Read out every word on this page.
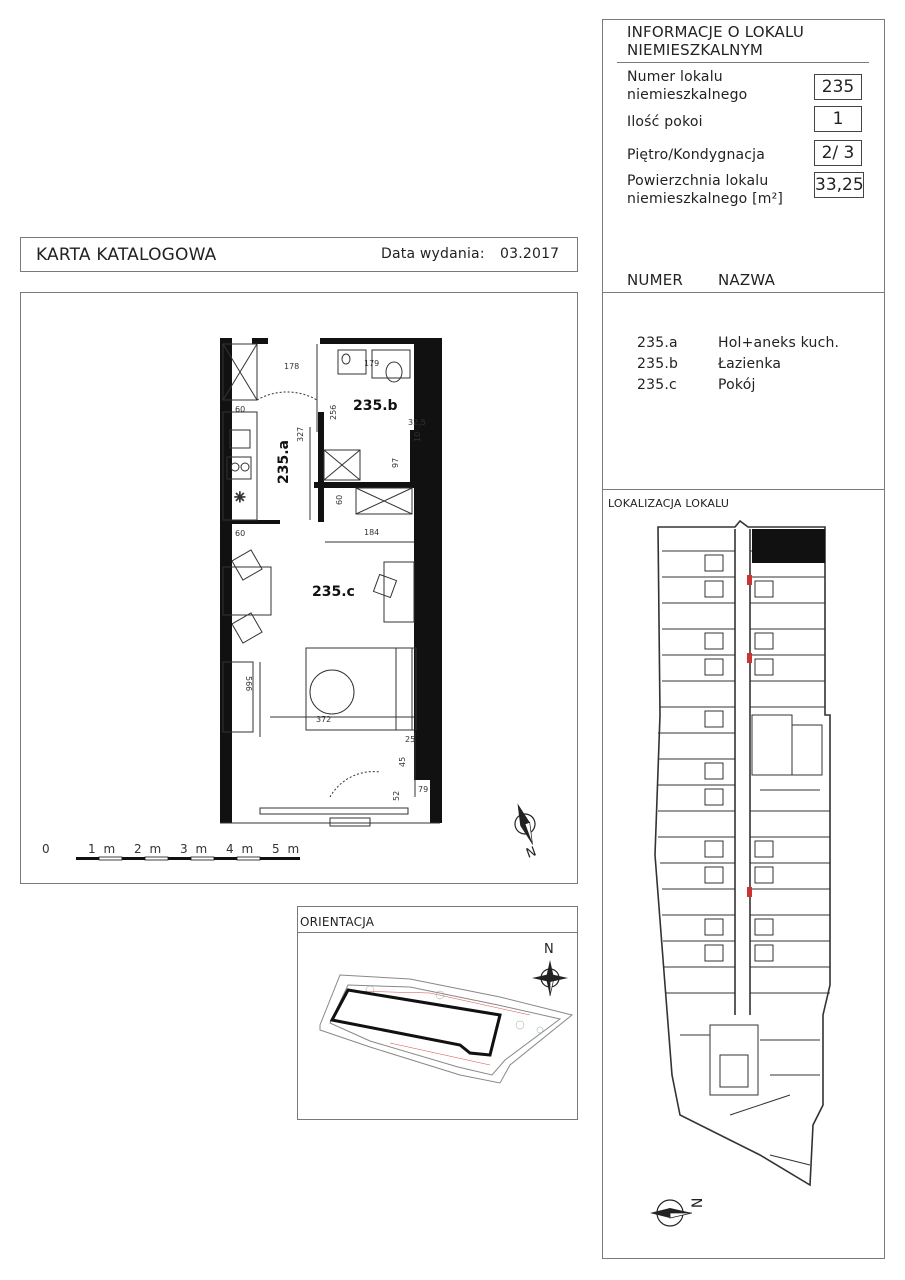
INFORMACJE O LOKALU
NIEMIESZKALNYM
Numer lokalu
niemieszkalnego	235
Ilość pokoi	1
Piętro/Kondygnacja	2/ 3
Powierzchnia lokalu
niemieszkalnego [m²]
33,25
NUMER NAZWA
235.a	Hol+aneks kuch.
235.b	Łazienka
235.c	Pokój
LOKALIZACJA LOKALU
N
KARTA KATALOGOWA	Data wydania: 03.2017
✳
178	179
256
327
60
60
60
32,5
10
97
184
566
372
25
45
52
79
235.a
235.b
235.c
0	1 m 2 m 3 m 4 m 5 m	N
ORIENTACJA
N
